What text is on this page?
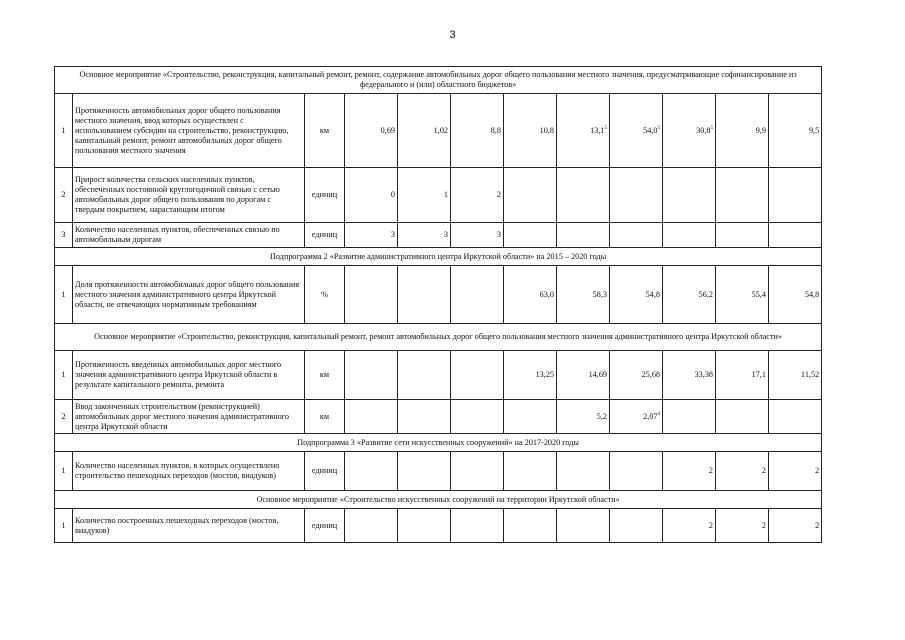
3
Основное мероприятие «Строительство, реконструкция, капитальный ремонт, ремонт, содержание автомобильных дорог общего пользования местного значения, предусматривающие софинансирование из федерального и (или) областного бюджетов»											
1	Протяженность автомобильных дорог общего пользования местного значения, ввод которых осуществлен с использованием субсидии на строительство, реконструкцию, капитальный ремонт, ремонт автомобильных дорог общего пользования местного значения	км	0,69	1,02	8,8	10,8	13,1$^5$	54,0$^5$	30,8$^5$	9,9	9,5
2	Прирост количества сельских населенных пунктов, обеспеченных постоянной круглогодичной связью с сетью автомобильных дорог общего пользования по дорогам с твердым покрытием, нарастающим итогом	единиц	0	1	2						
3	Количество населенных пунктов, обеспеченных связью по автомобильным дорогам	единиц	3	3	3						
Подпрограмма 2 «Развитие административного центра Иркутской области» на 2015 – 2020 годы											
1	Доля протяженности автомобильных дорог общего пользования местного значения административного центра Иркутской области, не отвечающих нормативным требованиям	%				63,0	58,3	54,8	56,2	55,4	54,8
Основное мероприятие «Строительство, реконструкция, капитальный ремонт, ремонт автомобильных дорог общего пользования местного значения административного центра Иркутской области»											
1	Протяженность введенных автомобильных дорог местного значения административного центра Иркутской области в результате капитального ремонта, ремонта	км				13,25	14,69	25,68	33,38	17,1	11,52
2	Ввод законченных строительством (реконструкцией) автомобильных дорог местного значения административного центра Иркутской области	км					5,2	2,07$^4$			
Подпрограмма 3 «Развитие сети искусственных сооружений» на 2017-2020 годы											
1	Количество населенных пунктов, в которых осуществлено строительство пешеходных переходов (мостов, виадуков)	единиц							2	2	2
Основное мероприятие «Строительство искусственных сооружений на территории Иркутской области»											
1	Количество построенных пешеходных переходов (мостов, виадуков)	единиц							2	2	2
